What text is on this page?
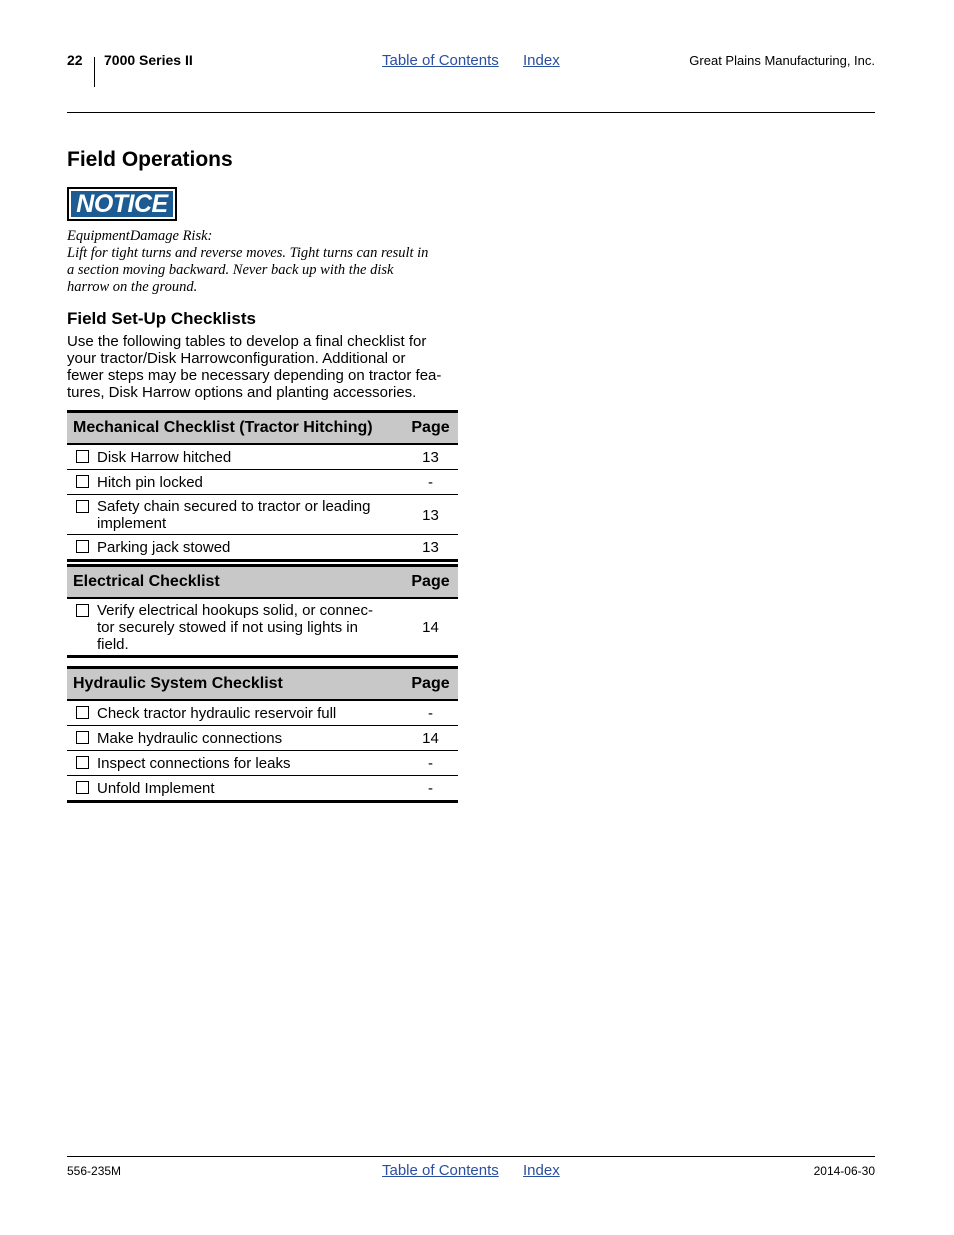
22 7000 Series II	Table of Contents Index	Great Plains Manufacturing, Inc.
Field Operations
NOTICE
EquipmentDamage Risk:
Lift for tight turns and reverse moves. Tight turns can result in
a section moving backward. Never back up with the disk
harrow on the ground.
Field Set-Up Checklists
Use the following tables to develop a final checklist for
your tractor/Disk Harrowconfiguration. Additional or
fewer steps may be necessary depending on tractor fea-
tures, Disk Harrow options and planting accessories.
Mechanical Checklist (Tractor Hitching)		Page

	Disk Harrow hitched	13

	Hitch pin locked	-

	Safety chain secured to tractor or leading
implement	13

	Parking jack stowed	13
Electrical Checklist		Page

	Verify electrical hookups solid, or connec-
tor securely stowed if not using lights in
field.	14
Hydraulic System Checklist		Page

	Check tractor hydraulic reservoir full	-

	Make hydraulic connections	14

	Inspect connections for leaks	-

	Unfold Implement	-
556-235M	Table of Contents Index	2014-06-30
